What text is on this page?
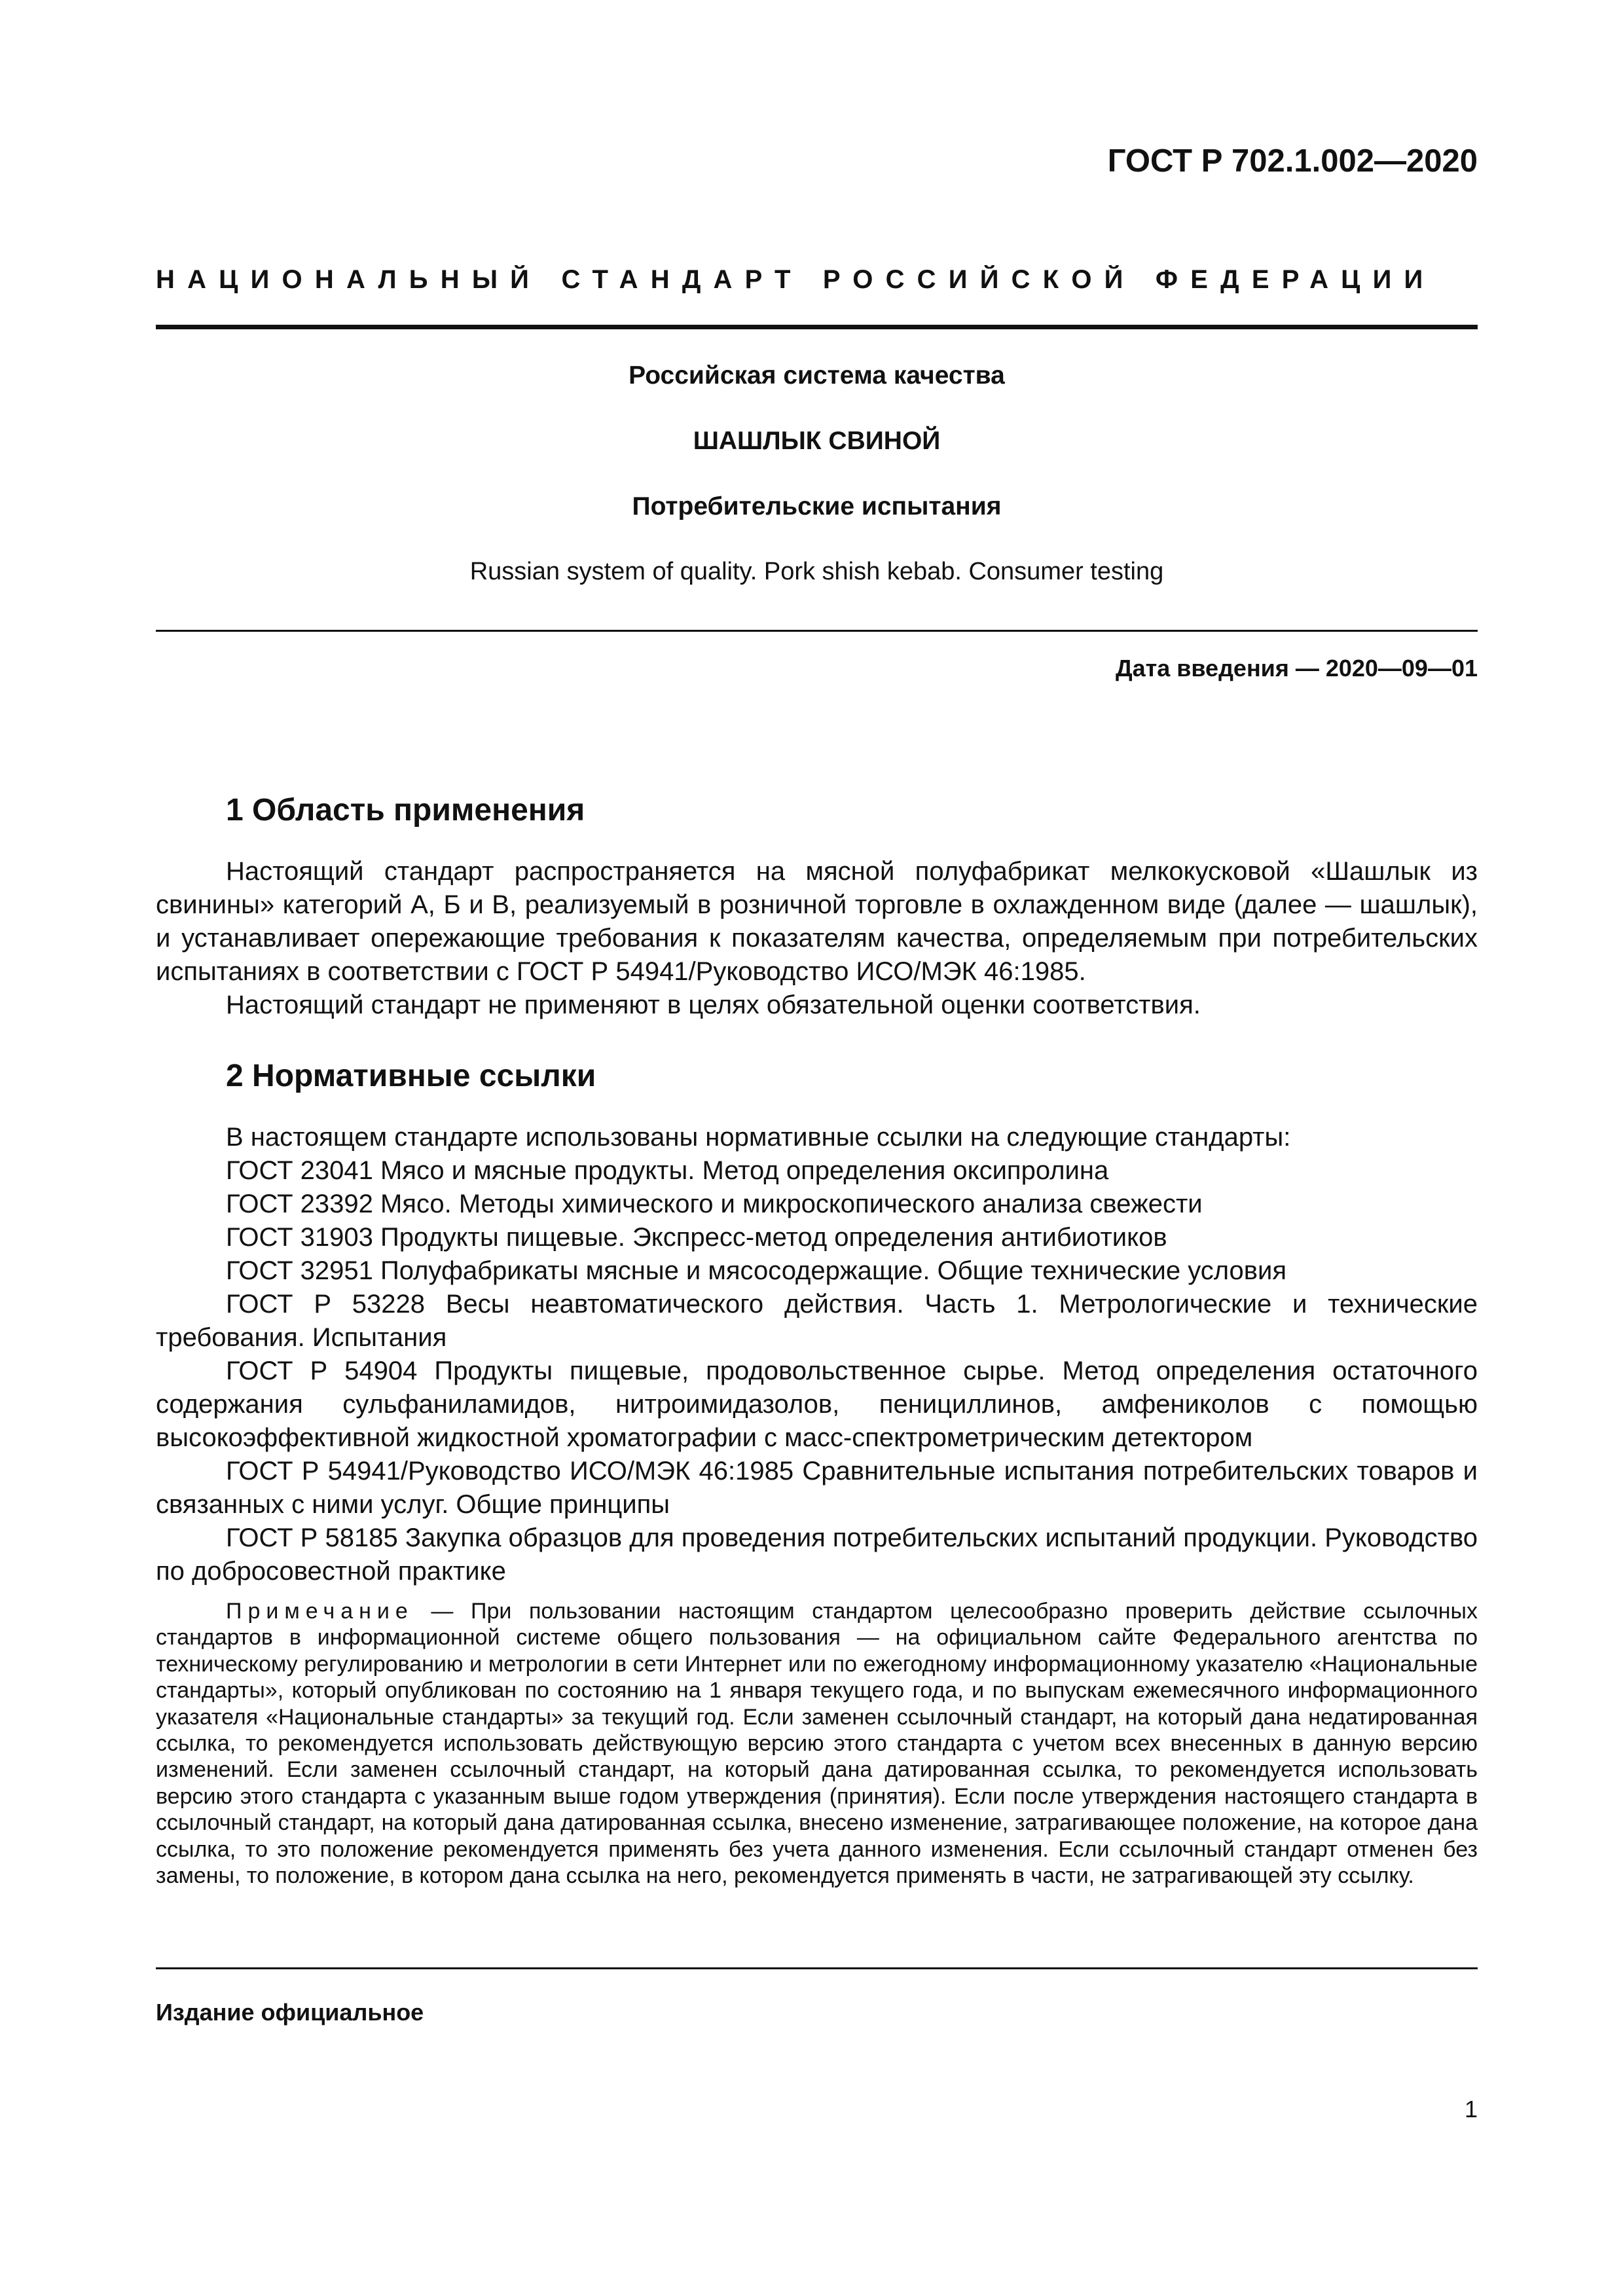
ГОСТ Р 702.1.002—2020
НАЦИОНАЛЬНЫЙ СТАНДАРТ РОССИЙСКОЙ ФЕДЕРАЦИИ
Российская система качества
ШАШЛЫК СВИНОЙ
Потребительские испытания
Russian system of quality. Pork shish kebab. Consumer testing
Дата введения — 2020—09—01
1 Область применения

Настоящий стандарт распространяется на мясной полуфабрикат мелкокусковой «Шашлык из свинины» категорий А, Б и В, реализуемый в розничной торговле в охлажденном виде (далее — шашлык), и устанавливает опережающие требования к показателям качества, определяемым при потребительских испытаниях в соответствии с ГОСТ Р 54941/Руководство ИСО/МЭК 46:1985.

Настоящий стандарт не применяют в целях обязательной оценки соответствия.

2 Нормативные ссылки

В настоящем стандарте использованы нормативные ссылки на следующие стандарты:

ГОСТ 23041 Мясо и мясные продукты. Метод определения оксипролина

ГОСТ 23392 Мясо. Методы химического и микроскопического анализа свежести

ГОСТ 31903 Продукты пищевые. Экспресс-метод определения антибиотиков

ГОСТ 32951 Полуфабрикаты мясные и мясосодержащие. Общие технические условия

ГОСТ Р 53228 Весы неавтоматического действия. Часть 1. Метрологические и технические требования. Испытания

ГОСТ Р 54904 Продукты пищевые, продовольственное сырье. Метод определения остаточного содержания сульфаниламидов, нитроимидазолов, пенициллинов, амфениколов с помощью высокоэффективной жидкостной хроматографии с масс-спектрометрическим детектором

ГОСТ Р 54941/Руководство ИСО/МЭК 46:1985 Сравнительные испытания потребительских товаров и связанных с ними услуг. Общие принципы

ГОСТ Р 58185 Закупка образцов для проведения потребительских испытаний продукции. Руководство по добросовестной практике

Примечание — При пользовании настоящим стандартом целесообразно проверить действие ссылочных стандартов в информационной системе общего пользования — на официальном сайте Федерального агентства по техническому регулированию и метрологии в сети Интернет или по ежегодному информационному указателю «Национальные стандарты», который опубликован по состоянию на 1 января текущего года, и по выпускам ежемесячного информационного указателя «Национальные стандарты» за текущий год. Если заменен ссылочный стандарт, на который дана недатированная ссылка, то рекомендуется использовать действующую версию этого стандарта с учетом всех внесенных в данную версию изменений. Если заменен ссылочный стандарт, на который дана датированная ссылка, то рекомендуется использовать версию этого стандарта с указанным выше годом утверждения (принятия). Если после утверждения настоящего стандарта в ссылочный стандарт, на который дана датированная ссылка, внесено изменение, затрагивающее положение, на которое дана ссылка, то это положение рекомендуется применять без учета данного изменения. Если ссылочный стандарт отменен без замены, то положение, в котором дана ссылка на него, рекомендуется применять в части, не затрагивающей эту ссылку.
Издание официальное
1
